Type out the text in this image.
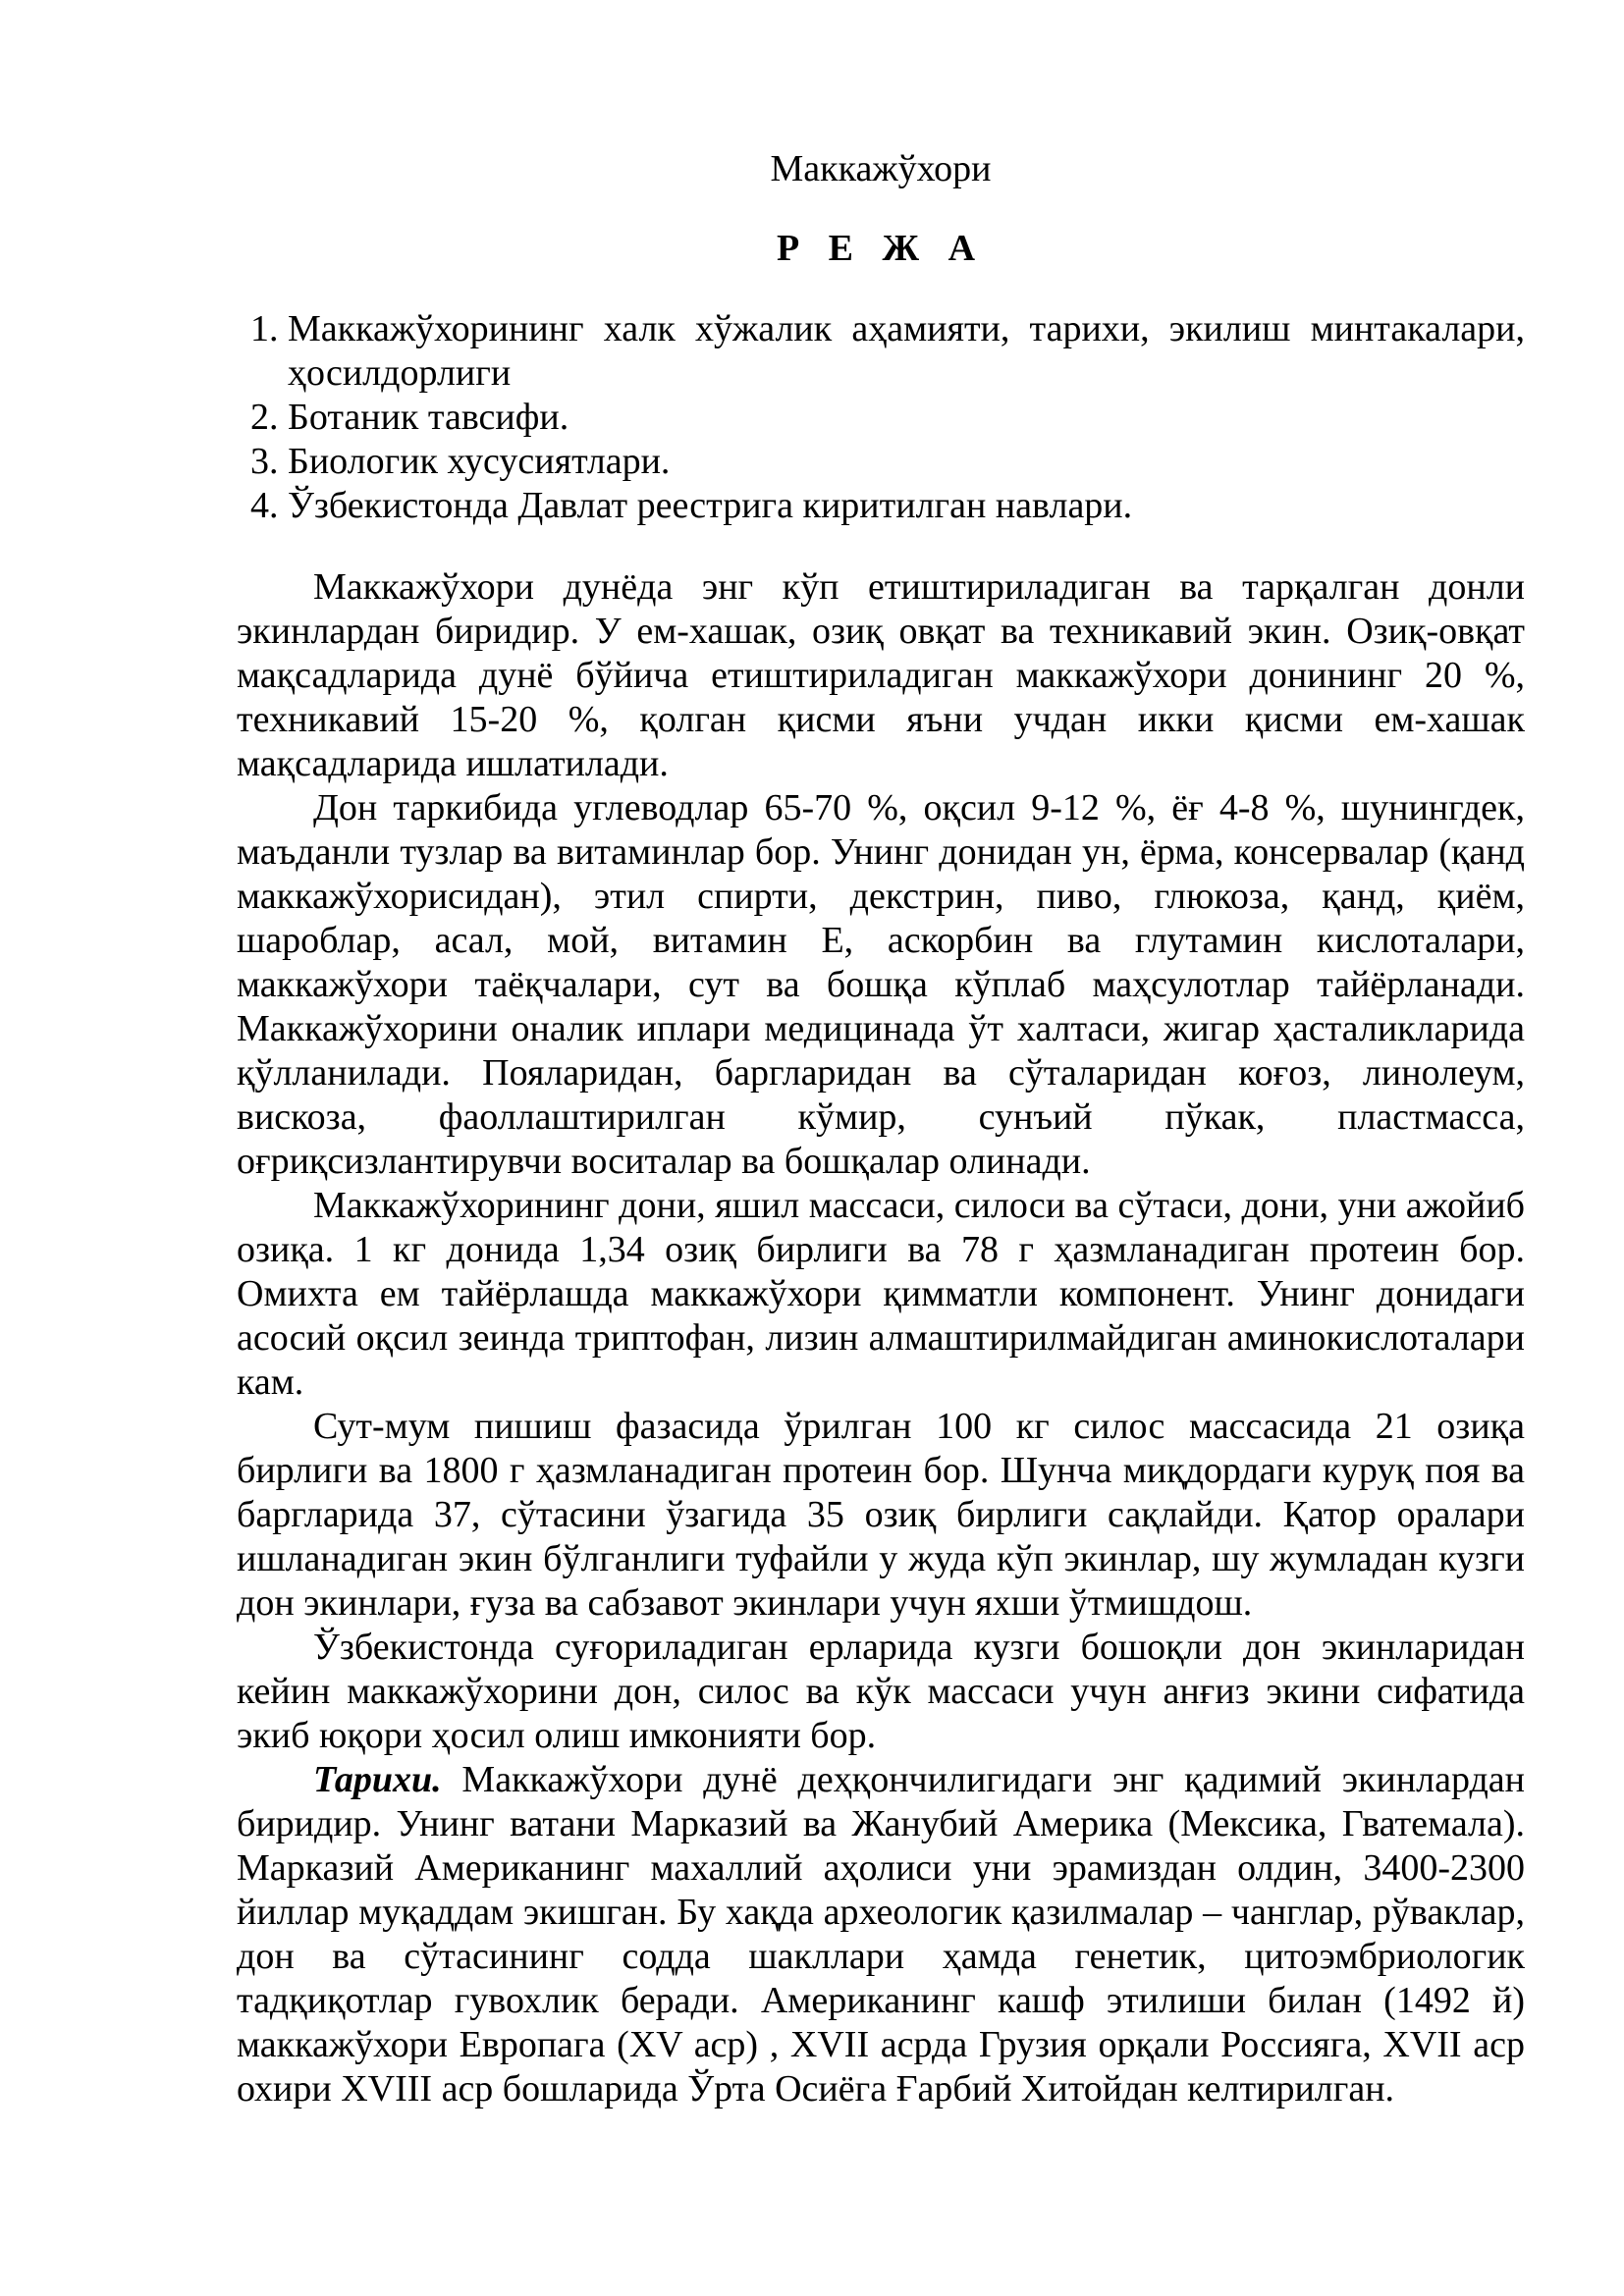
Маккажўхори
Р Е Ж А
1. Маккажўхорининг халк хўжалик аҳамияти, тарихи, экилиш минтакалари, ҳосилдорлиги
2. Ботаник тавсифи.
3. Биологик хусусиятлари.
4. Ўзбекистонда Давлат реестрига киритилган навлари.

Маккажўхори дунёда энг кўп етиштириладиган ва тарқалган донли экинлардан биридир. У ем-хашак, озиқ овқат ва техникавий экин. Озиқ-овқат мақсадларида дунё бўйича етиштириладиган маккажўхори донининг 20 %, техникавий 15-20 %, қолган қисми яъни учдан икки қисми ем-хашак мақсадларида ишлатилади.

Дон таркибида углеводлар 65-70 %, оқсил 9-12 %, ёғ 4-8 %, шунингдек, маъданли тузлар ва витаминлар бор. Унинг донидан ун, ёрма, консервалар (қанд маккажўхорисидан), этил спирти, декстрин, пиво, глюкоза, қанд, қиём, шароблар, асал, мой, витамин Е, аскорбин ва глутамин кислоталари, маккажўхори таёқчалари, сут ва бошқа кўплаб маҳсулотлар тайёрланади. Маккажўхорини оналик иплари медицинада ўт халтаси, жигар ҳасталикларида қўлланилади. Пояларидан, баргларидан ва сўталаридан коғоз, линолеум, вискоза, фаоллаштирилган кўмир, сунъий пўкак, пластмасса, оғриқсизлантирувчи воситалар ва бошқалар олинади.

Маккажўхорининг дони, яшил массаси, силоси ва сўтаси, дони, уни ажойиб озиқа. 1 кг донида 1,34 озиқ бирлиги ва 78 г ҳазмланадиган протеин бор. Омихта ем тайёрлашда маккажўхори қимматли компонент. Унинг донидаги асосий оқсил зеинда триптофан, лизин алмаштирилмайдиган аминокислоталари кам.

Сут-мум пишиш фазасида ўрилган 100 кг силос массасида 21 озиқа бирлиги ва 1800 г ҳазмланадиган протеин бор. Шунча миқдордаги куруқ поя ва баргларида 37, сўтасини ўзагида 35 озиқ бирлиги сақлайди. Қатор оралари ишланадиган экин бўлганлиги туфайли у жуда кўп экинлар, шу жумладан кузги дон экинлари, ғуза ва сабзавот экинлари учун яхши ўтмишдош.

Ўзбекистонда суғориладиган ерларида кузги бошоқли дон экинларидан кейин маккажўхорини дон, силос ва кўк массаси учун анғиз экини сифатида экиб юқори ҳосил олиш имконияти бор.

Тарихи. Маккажўхори дунё деҳқончилигидаги энг қадимий экинлардан биридир. Унинг ватани Марказий ва Жанубий Америка (Мексика, Гватемала). Марказий Американинг махаллий аҳолиси уни эрамиздан олдин, 3400-2300 йиллар муқаддам экишган. Бу хақда археологик қазилмалар – чанглар, рўваклар, дон ва сўтасининг содда шакллари ҳамда генетик, цитоэмбриологик тадқиқотлар гувохлик беради. Американинг кашф этилиши билан (1492 й) маккажўхори Европага (XV аср) , XVII асрда Грузия орқали Россияга, XVII аср охири XVIII аср бошларида Ўрта Осиёга Ғарбий Хитойдан келтирилган.
